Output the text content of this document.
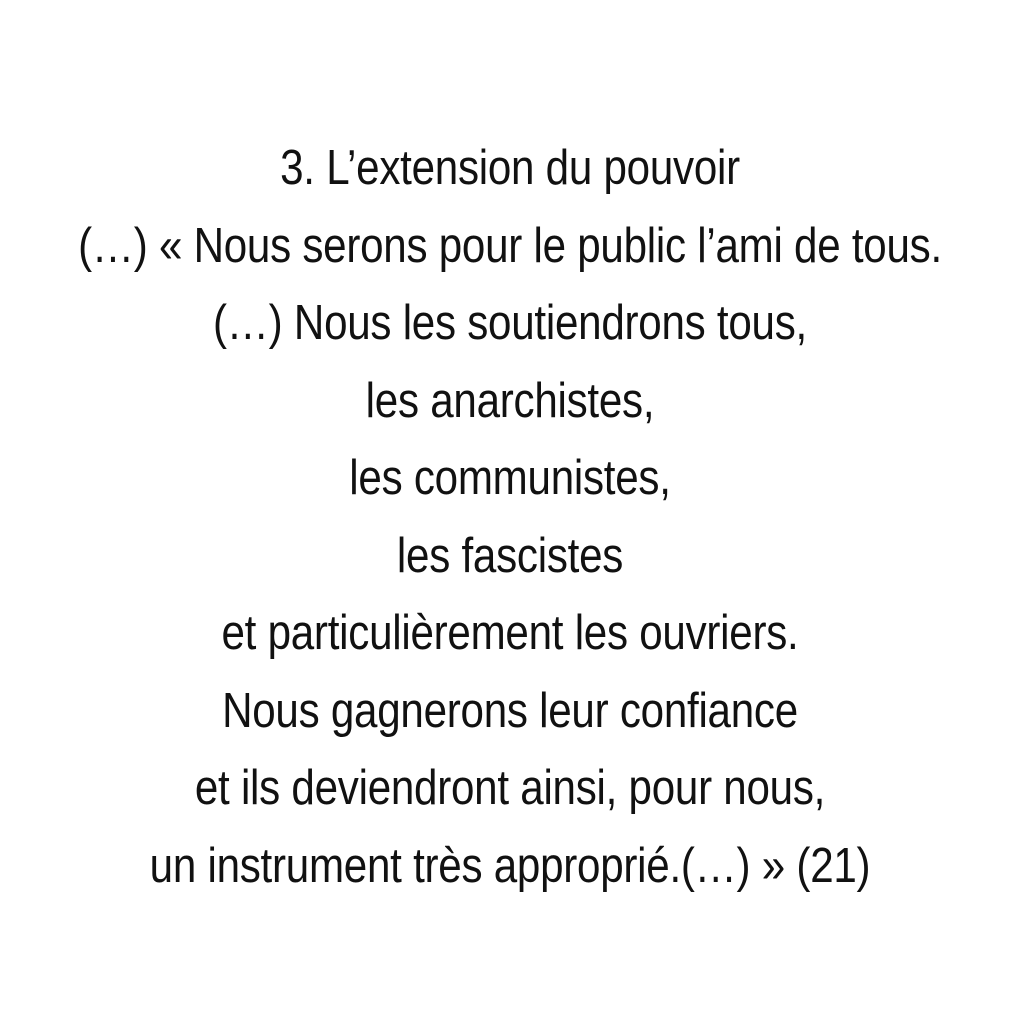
3. L’extension du pouvoir
(…) « Nous serons pour le public l’ami de tous.
(…) Nous les soutiendrons tous,
les anarchistes,
les communistes,
les fascistes
et particulièrement les ouvriers.
Nous gagnerons leur confiance
et ils deviendront ainsi, pour nous,
un instrument très approprié.(…) » (21)
